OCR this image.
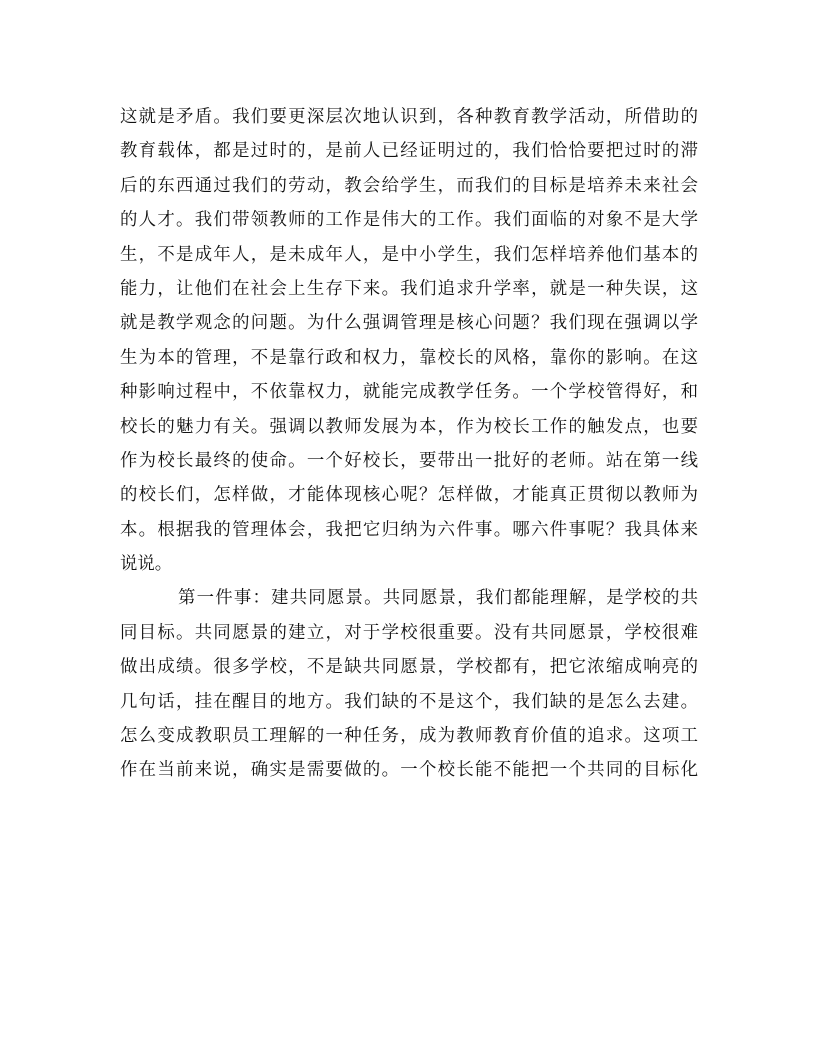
这就是矛盾。我们要更深层次地认识到，各种教育教学活动，所借助的
教育载体，都是过时的，是前人已经证明过的，我们恰恰要把过时的滞
后的东西通过我们的劳动，教会给学生，而我们的目标是培养未来社会
的人才。我们带领教师的工作是伟大的工作。我们面临的对象不是大学
生，不是成年人，是未成年人，是中小学生，我们怎样培养他们基本的
能力，让他们在社会上生存下来。我们追求升学率，就是一种失误，这
就是教学观念的问题。为什么强调管理是核心问题？我们现在强调以学
生为本的管理，不是靠行政和权力，靠校长的风格，靠你的影响。在这
种影响过程中，不依靠权力，就能完成教学任务。一个学校管得好，和
校长的魅力有关。强调以教师发展为本，作为校长工作的触发点，也要
作为校长最终的使命。一个好校长，要带出一批好的老师。站在第一线
的校长们，怎样做，才能体现核心呢？怎样做，才能真正贯彻以教师为
本。根据我的管理体会，我把它归纳为六件事。哪六件事呢？我具体来
说说。
第一件事：建共同愿景。共同愿景，我们都能理解，是学校的共
同目标。共同愿景的建立，对于学校很重要。没有共同愿景，学校很难
做出成绩。很多学校，不是缺共同愿景，学校都有，把它浓缩成响亮的
几句话，挂在醒目的地方。我们缺的不是这个，我们缺的是怎么去建。
怎么变成教职员工理解的一种任务，成为教师教育价值的追求。这项工
作在当前来说，确实是需要做的。一个校长能不能把一个共同的目标化
